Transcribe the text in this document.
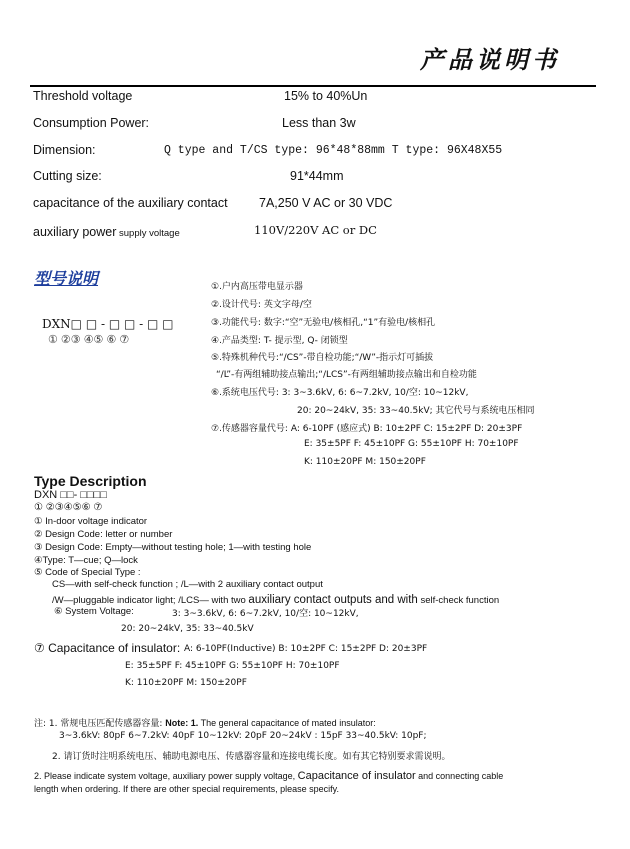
产品说明书
Threshold voltage	15% to 40%Un
Consumption Power:	Less than 3w
Dimension:	Q type and T/CS type: 96*48*88mm T type: 96X48X55
Cutting size:	91*44mm
capacitance of the auxiliary contact	7A,250 V AC or 30 VDC
auxiliary power supply voltage	110V/220V AC or DC
型号说明
DXN□ □ - □ □ - □ □
① ②③ ④⑤ ⑥ ⑦
①.户内高压带电显示器
②.设计代号: 英文字母/空
③.功能代号: 数字:“空”无验电/核相孔,“1”有验电/核相孔
④.产品类型: T- 提示型, Q- 闭锁型
⑤.特殊机种代号:“/CS”-带自检功能;“/W”-指示灯可插拔
“/L”-有两组辅助接点输出;“/LCS”-有两组辅助接点输出和自检功能
⑥.系统电压代号: 3: 3~3.6kV, 6: 6~7.2kV, 10/空: 10~12kV,
20: 20~24kV, 35: 33~40.5kV; 其它代号与系统电压相同
⑦.传感器容量代号: A: 6-10PF (感应式) B: 10±2PF C: 15±2PF D: 20±3PF
E: 35±5PF F: 45±10PF G: 55±10PF H: 70±10PF
K: 110±20PF M: 150±20PF
Type Description
DXN □□- □□□□
① ②③④⑤⑥ ⑦
① In-door voltage indicator
② Design Code: letter or number
③ Design Code: Empty—without testing hole; 1—with testing hole
④Type: T—cue; Q—lock
⑤ Code of Special Type :
CS—with self-check function ; /L—with 2 auxiliary contact output
/W—pluggable indicator light; /LCS— with two auxiliary contact outputs and with self-check function
⑥ System Voltage:	3: 3~3.6kV, 6: 6~7.2kV, 10/空: 10~12kV,
20: 20~24kV, 35: 33~40.5kV
⑦ Capacitance of insulator: A: 6-10PF(Inductive) B: 10±2PF C: 15±2PF D: 20±3PF
E: 35±5PF F: 45±10PF G: 55±10PF H: 70±10PF
K: 110±20PF M: 150±20PF
注: 1. 常规电压匹配传感器容量: Note: 1. The general capacitance of mated insulator:
3~3.6kV: 80pF 6~7.2kV: 40pF 10~12kV: 20pF 20~24kV : 15pF 33~40.5kV: 10pF;
2. 请订货时注明系统电压、辅助电源电压、传感器容量和连接电缆长度。如有其它特别要求需说明。
2. Please indicate system voltage, auxiliary power supply voltage, Capacitance of insulator and connecting cable
length when ordering. If there are other special requirements, please specify.
